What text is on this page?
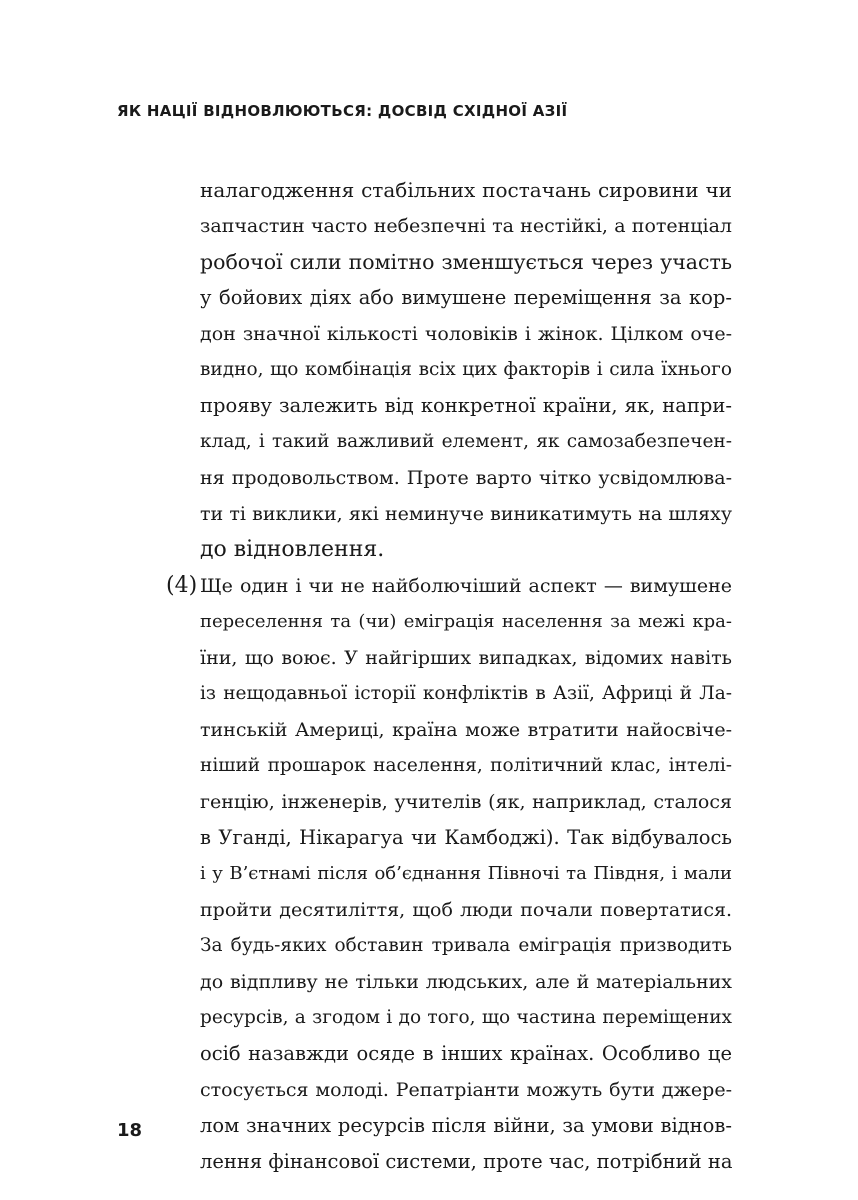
ЯК НАЦІЇ ВІДНОВЛЮЮТЬСЯ: ДОСВІД СХІДНОЇ АЗІЇ
налагодження стабільних постачань сировини чи
запчастин часто небезпечні та нестійкі, а потенціал
робочої сили помітно зменшується через участь
у бойових діях або вимушене переміщення за кор-
дон значної кількості чоловіків і жінок. Цілком оче-
видно, що комбінація всіх цих факторів і сила їхнього
прояву залежить від конкретної країни, як, напри-
клад, і такий важливий елемент, як самозабезпечен-
ня продовольством. Проте варто чітко усвідомлюва-
ти ті виклики, які неминуче виникатимуть на шляху
до відновлення.
(4) Ще один і чи не найболючіший аспект — вимушене
переселення та (чи) еміграція населення за межі кра-
їни, що воює. У найгірших випадках, відомих навіть
із нещодавньої історії конфліктів в Азії, Африці й Ла-
тинській Америці, країна може втратити найосвіче-
ніший прошарок населення, політичний клас, інтелі-
генцію, інженерів, учителів (як, наприклад, сталося
в Уганді, Нікарагуа чи Камбоджі). Так відбувалось
і у В’єтнамі після об’єднання Півночі та Півдня, і мали
пройти десятиліття, щоб люди почали повертатися.
За будь-яких обставин тривала еміграція призводить
до відпливу не тільки людських, але й матеріальних
ресурсів, а згодом і до того, що частина переміщених
осіб назавжди осяде в інших країнах. Особливо це
стосується молоді. Репатріанти можуть бути джере-
лом значних ресурсів після війни, за умови віднов-
лення фінансової системи, проте час, потрібний на
18
